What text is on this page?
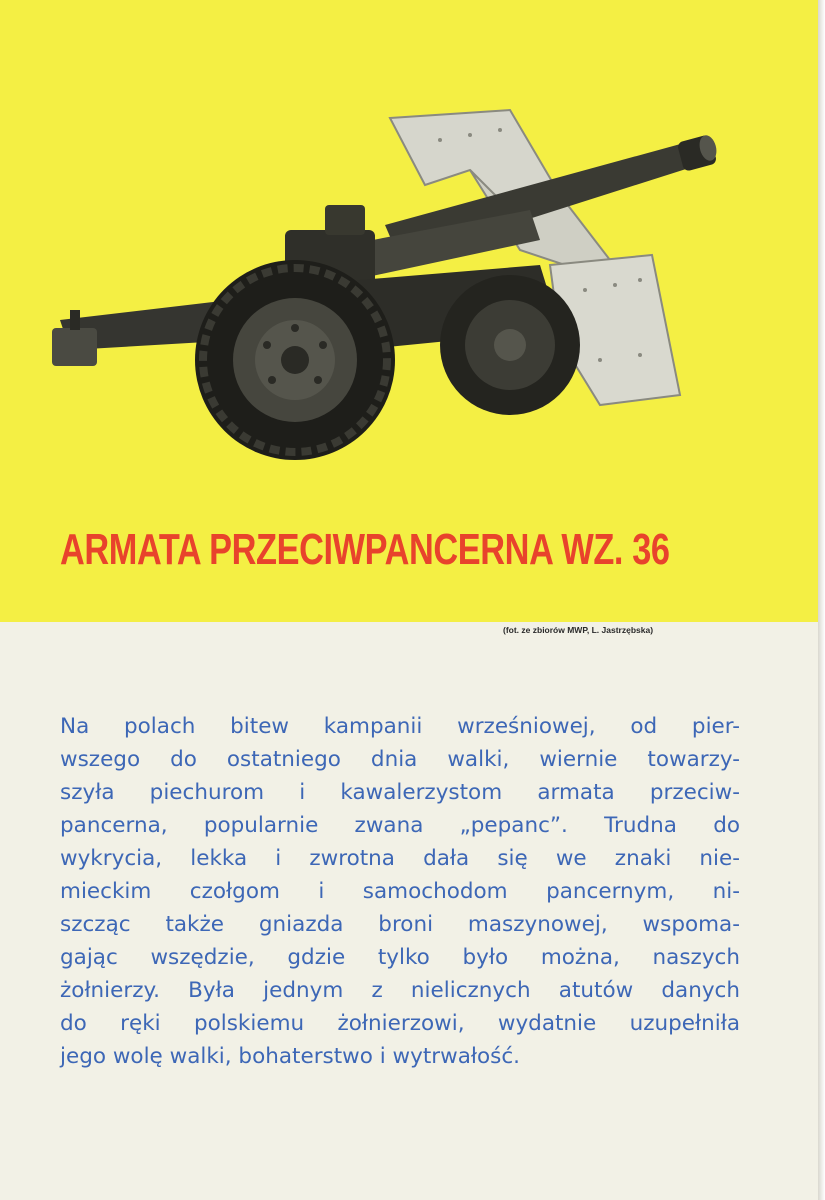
ARMATA PRZECIWPANCERNA WZ. 36
(fot. ze zbiorów MWP, L. Jastrzębska)
Na polach bitew kampanii wrześniowej, od pier-
wszego do ostatniego dnia walki, wiernie towarzy-
szyła piechurom i kawalerzystom armata przeciw-
pancerna, popularnie zwana „pepanc”. Trudna do
wykrycia, lekka i zwrotna dała się we znaki nie-
mieckim czołgom i samochodom pancernym, ni-
szcząc także gniazda broni maszynowej, wspoma-
gając wszędzie, gdzie tylko było można, naszych
żołnierzy. Była jednym z nielicznych atutów danych
do ręki polskiemu żołnierzowi, wydatnie uzupełniła
jego wolę walki, bohaterstwo i wytrwałość.
